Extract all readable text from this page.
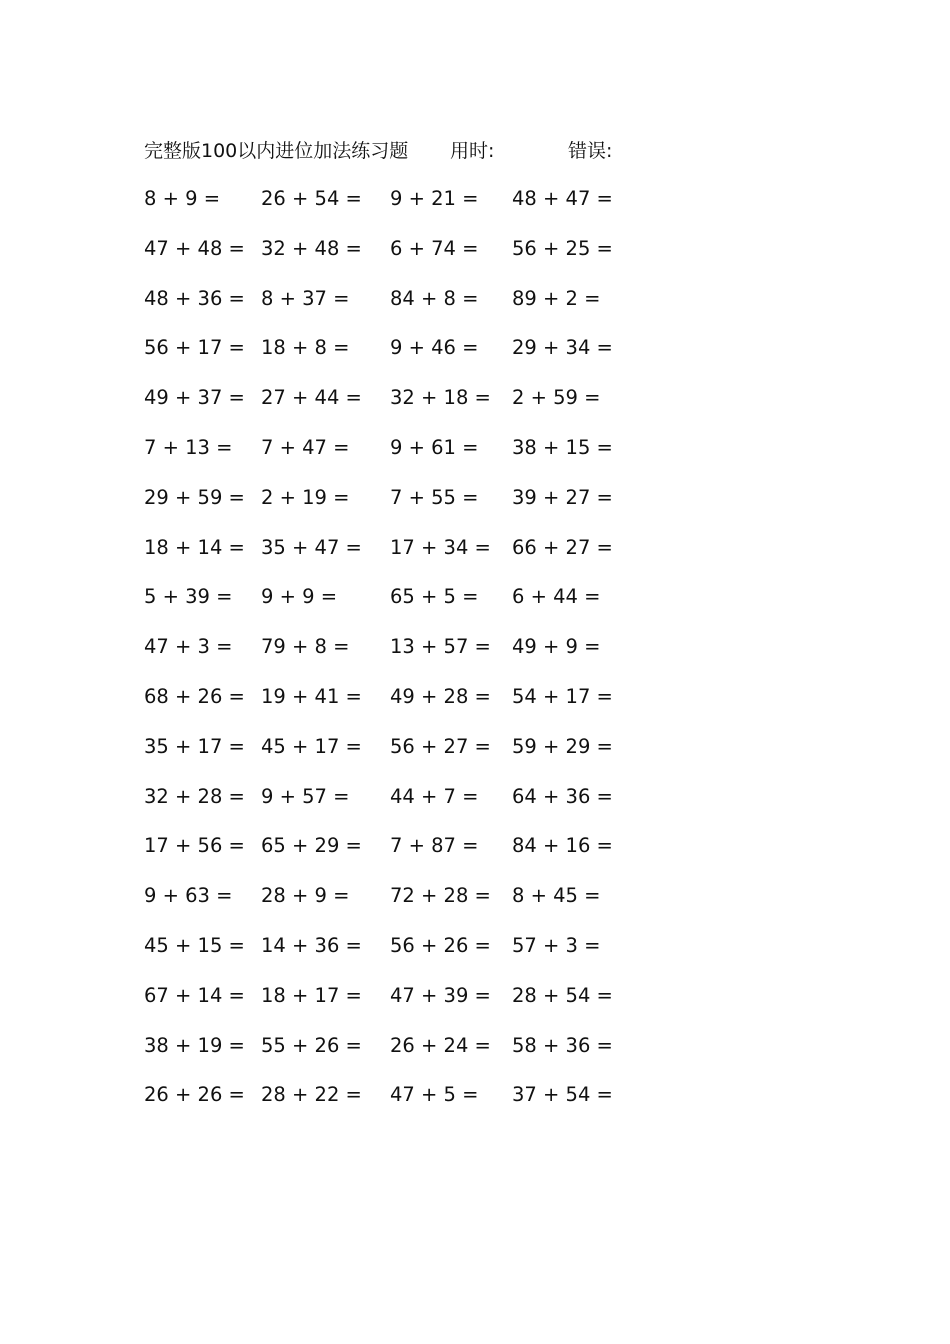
完整版100以内进位加法练习题 用时:	错误:
8 + 9 =	26 + 54 = 9 + 21 =	48 + 47 =
47 + 48 = 32 + 48 = 6 + 74 =	56 + 25 =
48 + 36 = 8 + 37 =	84 + 8 =	89 + 2 =
56 + 17 = 18 + 8 =	9 + 46 =	29 + 34 =
49 + 37 = 27 + 44 = 32 + 18 = 2 + 59 =
7 + 13 = 7 + 47 =	9 + 61 =	38 + 15 =
29 + 59 = 2 + 19 =	7 + 55 =	39 + 27 =
18 + 14 = 35 + 47 = 17 + 34 = 66 + 27 =
5 + 39 = 9 + 9 =	65 + 5 =	6 + 44 =
47 + 3 = 79 + 8 =	13 + 57 = 49 + 9 =
68 + 26 = 19 + 41 = 49 + 28 = 54 + 17 =
35 + 17 = 45 + 17 = 56 + 27 = 59 + 29 =
32 + 28 = 9 + 57 =	44 + 7 =	64 + 36 =
17 + 56 = 65 + 29 = 7 + 87 =	84 + 16 =
9 + 63 = 28 + 9 =	72 + 28 = 8 + 45 =
45 + 15 = 14 + 36 = 56 + 26 = 57 + 3 =
67 + 14 = 18 + 17 = 47 + 39 = 28 + 54 =
38 + 19 = 55 + 26 = 26 + 24 = 58 + 36 =
26 + 26 = 28 + 22 = 47 + 5 =	37 + 54 =
